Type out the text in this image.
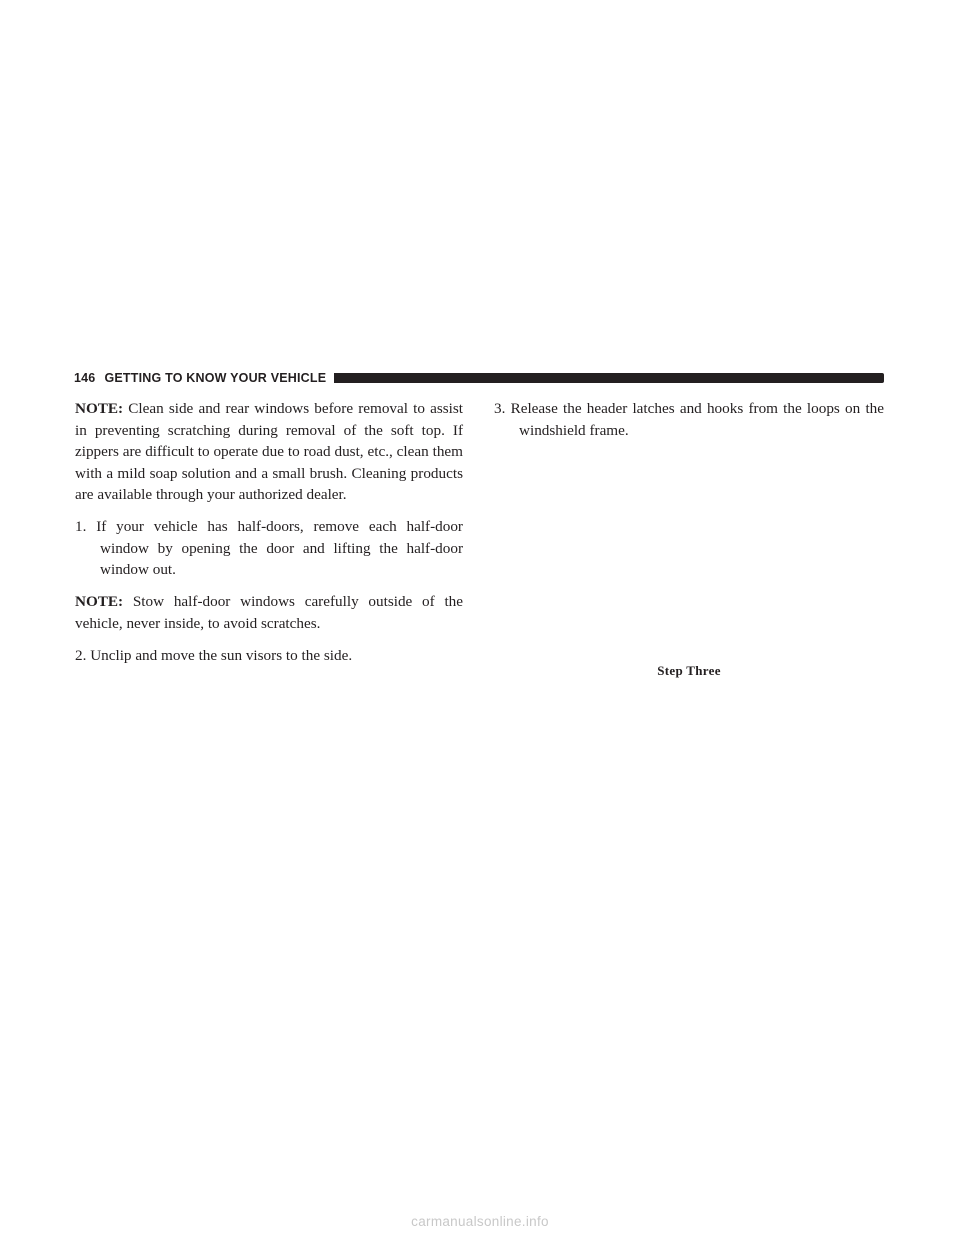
146 GETTING TO KNOW YOUR VEHICLE

NOTE: Clean side and rear windows before removal to assist in preventing scratching during removal of the soft top. If zippers are difficult to operate due to road dust, etc., clean them with a mild soap solution and a small brush. Cleaning products are available through your authorized dealer.

1. If your vehicle has half-doors, remove each half-door window by opening the door and lifting the half-door window out.

NOTE: Stow half-door windows carefully outside of the vehicle, never inside, to avoid scratches.

2. Unclip and move the sun visors to the side.

3. Release the header latches and hooks from the loops on the windshield frame.

Step Three
carmanualsonline.info
